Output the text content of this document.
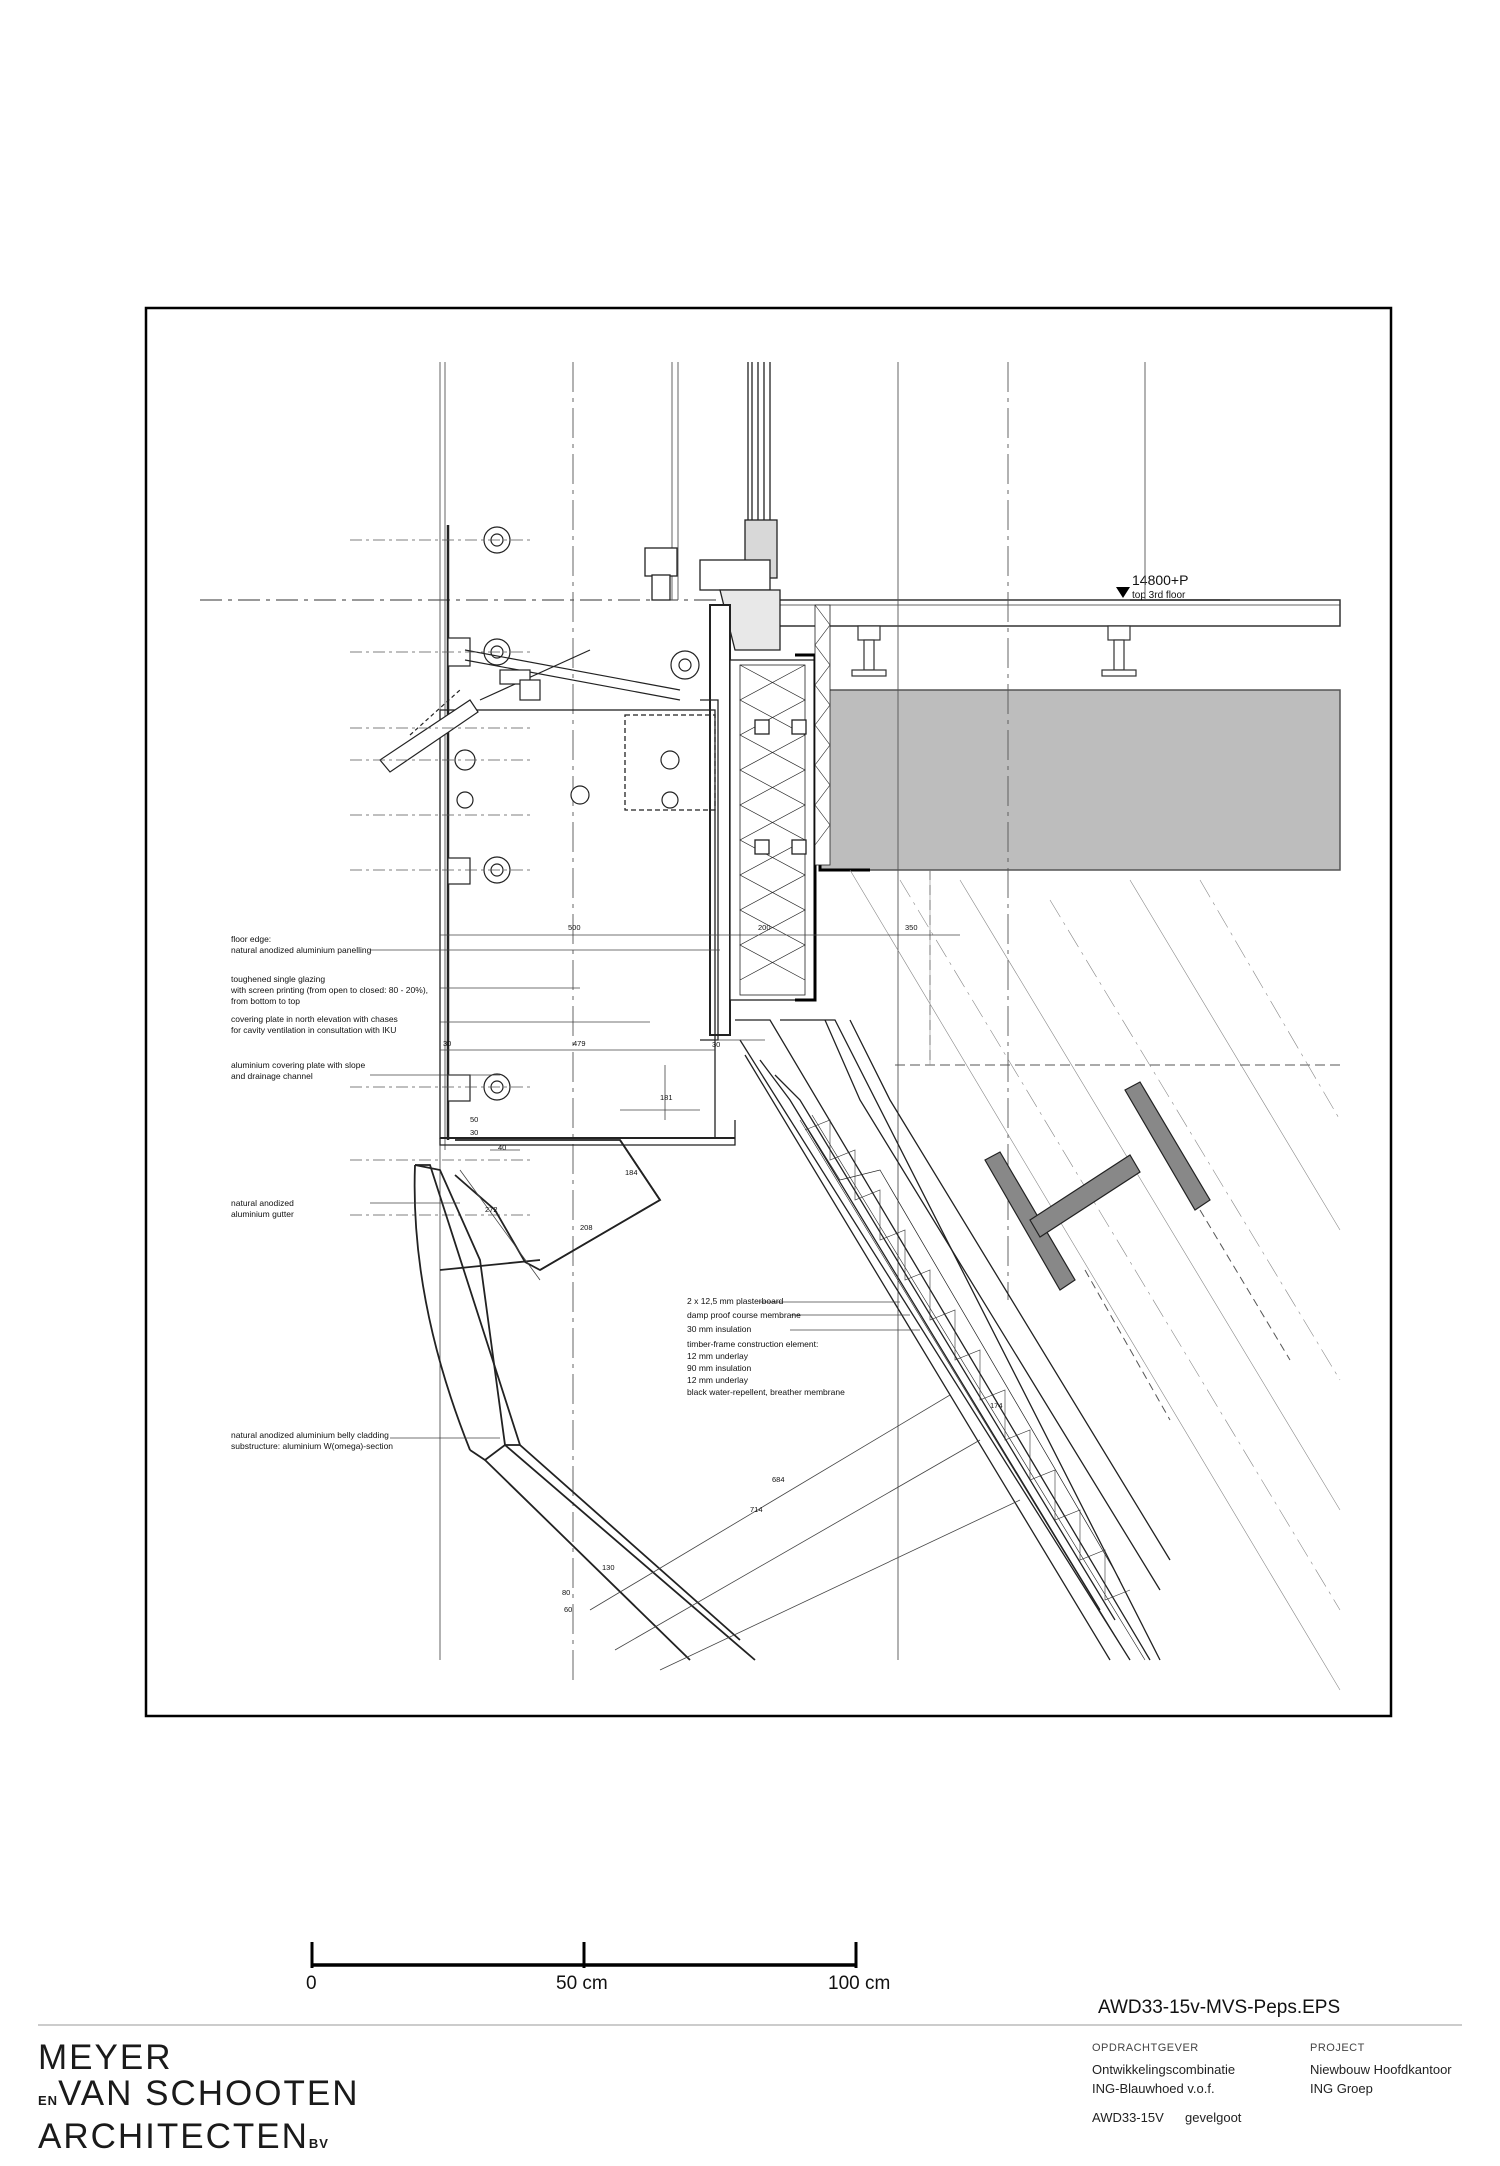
14800+P
top 3rd floor
floor edge:
natural anodized aluminium panelling
toughened single glazing
with screen printing (from open to closed: 80 - 20%),
from bottom to top
covering plate in north elevation with chases
for cavity ventilation in consultation with IKU
aluminium covering plate with slope
and drainage channel
natural anodized
aluminium gutter
natural anodized aluminium belly cladding
substructure: aluminium W(omega)-section
2 x 12,5 mm plasterboard
damp proof course membrane
30 mm insulation
timber-frame construction element:
12 mm underlay
90 mm insulation
12 mm underlay
black water-repellent, breather membrane
500	200	350
479
30	30
40
181
30
50
272
208
184
174
684
714
130
80
60
0	50 cm	100 cm
AWD33-15v-MVS-Peps.EPS
MEYER
ENVAN SCHOOTEN
ARCHITECTENBV
OPDRACHTGEVER
Ontwikkelingscombinatie
ING-Blauwhoed v.o.f.
AWD33-15V gevelgoot
PROJECT
Niewbouw Hoofdkantoor
ING Groep
